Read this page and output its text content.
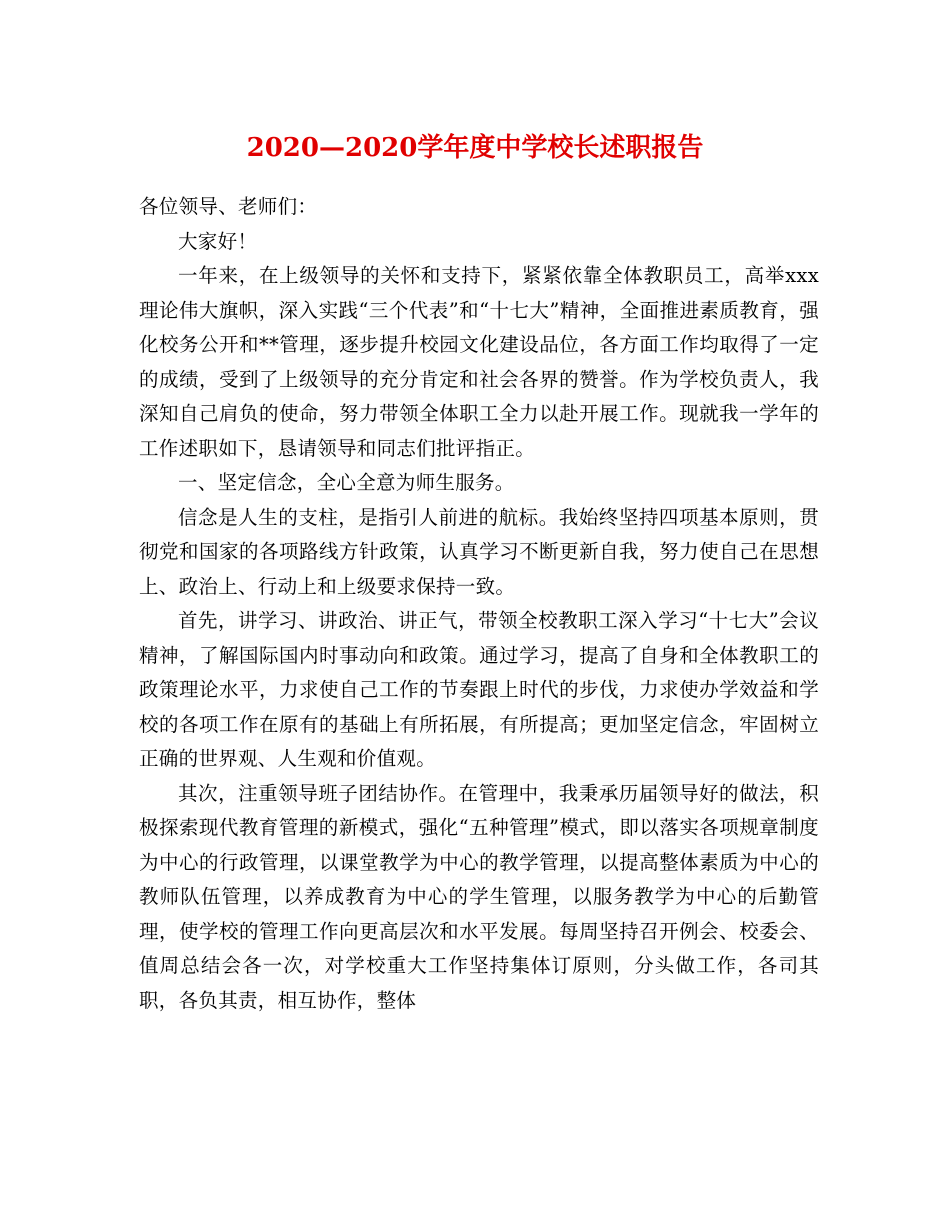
2020—2020学年度中学校长述职报告

各位领导、老师们：

大家好！

一年来，在上级领导的关怀和支持下，紧紧依靠全体教职员工，高举xxx理论伟大旗帜，深入实践“三个代表”和“十七大”精神，全面推进素质教育，强化校务公开和**管理，逐步提升校园文化建设品位，各方面工作均取得了一定的成绩，受到了上级领导的充分肯定和社会各界的赞誉。作为学校负责人，我深知自己肩负的使命，努力带领全体职工全力以赴开展工作。现就我一学年的工作述职如下，恳请领导和同志们批评指正。

一、坚定信念，全心全意为师生服务。

信念是人生的支柱，是指引人前进的航标。我始终坚持四项基本原则，贯彻党和国家的各项路线方针政策，认真学习不断更新自我，努力使自己在思想上、政治上、行动上和上级要求保持一致。

首先，讲学习、讲政治、讲正气，带领全校教职工深入学习“十七大”会议精神，了解国际国内时事动向和政策。通过学习，提高了自身和全体教职工的政策理论水平，力求使自己工作的节奏跟上时代的步伐，力求使办学效益和学校的各项工作在原有的基础上有所拓展，有所提高；更加坚定信念，牢固树立正确的世界观、人生观和价值观。

其次，注重领导班子团结协作。在管理中，我秉承历届领导好的做法，积极探索现代教育管理的新模式，强化“五种管理”模式，即以落实各项规章制度为中心的行政管理，以课堂教学为中心的教学管理，以提高整体素质为中心的教师队伍管理，以养成教育为中心的学生管理，以服务教学为中心的后勤管理，使学校的管理工作向更高层次和水平发展。每周坚持召开例会、校委会、值周总结会各一次，对学校重大工作坚持集体订原则，分头做工作，各司其职，各负其责，相互协作，整体
